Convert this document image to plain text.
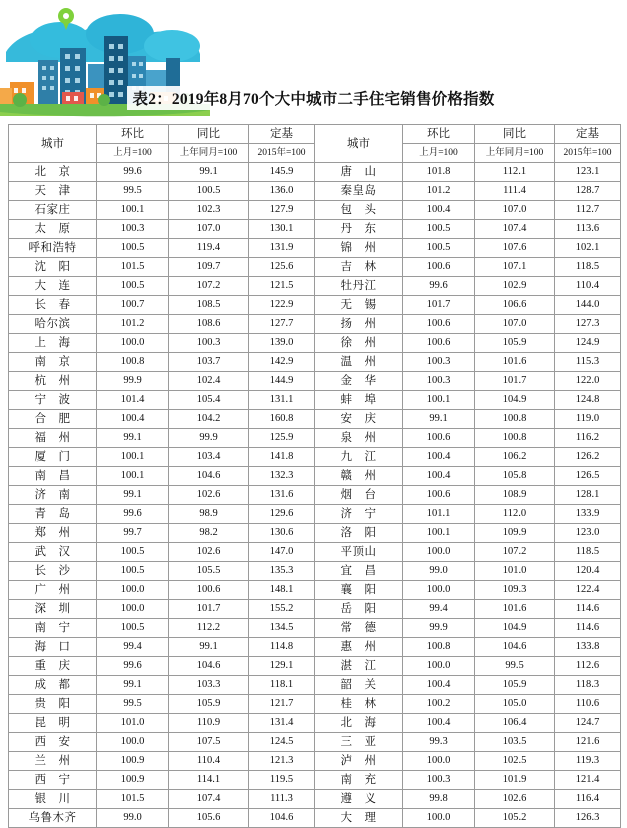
表2：2019年8月70个大中城市二手住宅销售价格指数
城市	环比	同比	定基	城市	环比	同比	定基
	上月=100	上年同月=100	2015年=100		上月=100	上年同月=100	2015年=100
北　京	99.6	99.1	145.9	唐　山	101.8	112.1	123.1
天　津	99.5	100.5	136.0	秦皇岛	101.2	111.4	128.7
石家庄	100.1	102.3	127.9	包　头	100.4	107.0	112.7
太　原	100.3	107.0	130.1	丹　东	100.5	107.4	113.6
呼和浩特	100.5	119.4	131.9	锦　州	100.5	107.6	102.1
沈　阳	101.5	109.7	125.6	吉　林	100.6	107.1	118.5
大　连	100.5	107.2	121.5	牡丹江	99.6	102.9	110.4
长　春	100.7	108.5	122.9	无　锡	101.7	106.6	144.0
哈尔滨	101.2	108.6	127.7	扬　州	100.6	107.0	127.3
上　海	100.0	100.3	139.0	徐　州	100.6	105.9	124.9
南　京	100.8	103.7	142.9	温　州	100.3	101.6	115.3
杭　州	99.9	102.4	144.9	金　华	100.3	101.7	122.0
宁　波	101.4	105.4	131.1	蚌　埠	100.1	104.9	124.8
合　肥	100.4	104.2	160.8	安　庆	99.1	100.8	119.0
福　州	99.1	99.9	125.9	泉　州	100.6	100.8	116.2
厦　门	100.1	103.4	141.8	九　江	100.4	106.2	126.2
南　昌	100.1	104.6	132.3	赣　州	100.4	105.8	126.5
济　南	99.1	102.6	131.6	烟　台	100.6	108.9	128.1
青　岛	99.6	98.9	129.6	济　宁	101.1	112.0	133.9
郑　州	99.7	98.2	130.6	洛　阳	100.1	109.9	123.0
武　汉	100.5	102.6	147.0	平顶山	100.0	107.2	118.5
长　沙	100.5	105.5	135.3	宜　昌	99.0	101.0	120.4
广　州	100.0	100.6	148.1	襄　阳	100.0	109.3	122.4
深　圳	100.0	101.7	155.2	岳　阳	99.4	101.6	114.6
南　宁	100.5	112.2	134.5	常　德	99.9	104.9	114.6
海　口	99.4	99.1	114.8	惠　州	100.8	104.6	133.8
重　庆	99.6	104.6	129.1	湛　江	100.0	99.5	112.6
成　都	99.1	103.3	118.1	韶　关	100.4	105.9	118.3
贵　阳	99.5	105.9	121.7	桂　林	100.2	105.0	110.6
昆　明	101.0	110.9	131.4	北　海	100.4	106.4	124.7
西　安	100.0	107.5	124.5	三　亚	99.3	103.5	121.6
兰　州	100.9	110.4	121.3	泸　州	100.0	102.5	119.3
西　宁	100.9	114.1	119.5	南　充	100.3	101.9	121.4
银　川	101.5	107.4	111.3	遵　义	99.8	102.6	116.4
乌鲁木齐	99.0	105.6	104.6	大　理	100.0	105.2	126.3
